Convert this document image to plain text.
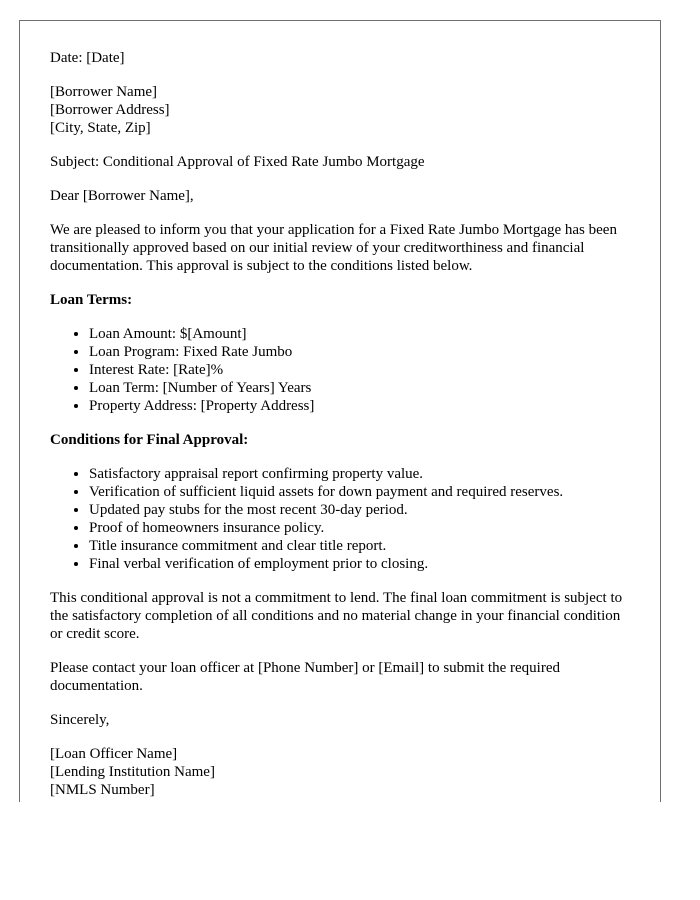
Date: [Date]

[Borrower Name]

[Borrower Address]

[City, State, Zip]

Subject: Conditional Approval of Fixed Rate Jumbo Mortgage

Dear [Borrower Name],

We are pleased to inform you that your application for a Fixed Rate Jumbo Mortgage has been transitionally approved based on our initial review of your creditworthiness and financial documentation. This approval is subject to the conditions listed below.

Loan Terms:

• Loan Amount: $[Amount]
• Loan Program: Fixed Rate Jumbo
• Interest Rate: [Rate]%
• Loan Term: [Number of Years] Years
• Property Address: [Property Address]

Conditions for Final Approval:

• Satisfactory appraisal report confirming property value.
• Verification of sufficient liquid assets for down payment and required reserves.
• Updated pay stubs for the most recent 30-day period.
• Proof of homeowners insurance policy.
• Title insurance commitment and clear title report.
• Final verbal verification of employment prior to closing.

This conditional approval is not a commitment to lend. The final loan commitment is subject to the satisfactory completion of all conditions and no material change in your financial condition or credit score.

Please contact your loan officer at [Phone Number] or [Email] to submit the required documentation.

Sincerely,

[Loan Officer Name]

[Lending Institution Name]

[NMLS Number]
